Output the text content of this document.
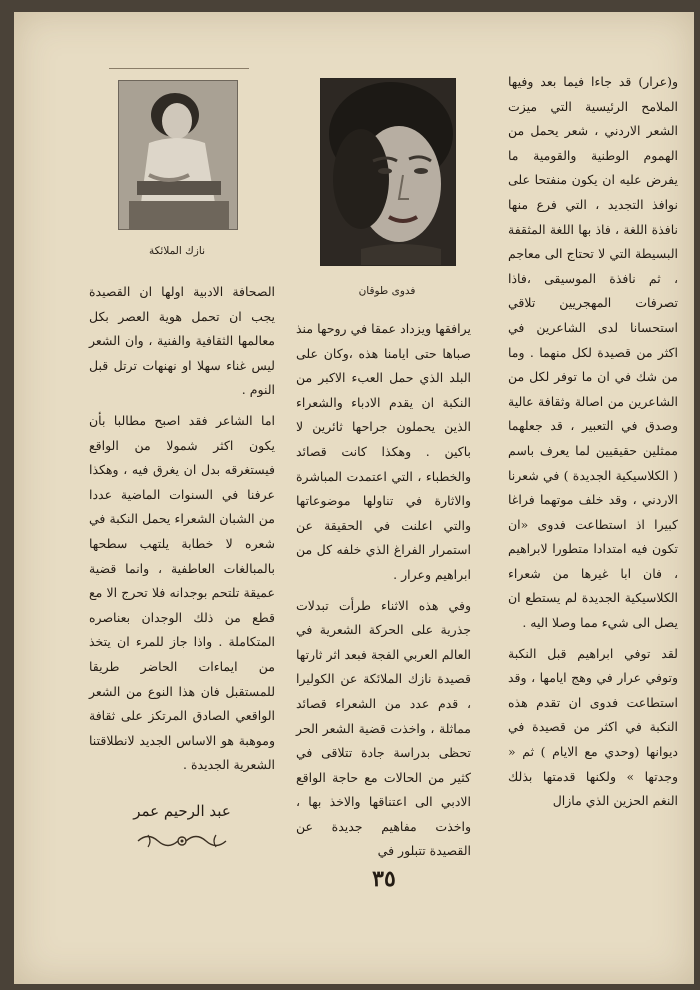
و(عرار) قد جاءا فيما بعد وفيها الملامح الرئيسية التي ميزت الشعر الاردني ، شعر يحمل من الهموم الوطنية والقومية ما يفرض عليه ان يكون منفتحا على نوافذ التجديد ، التي فرع منها نافذة اللغة ، فاذ بها اللغة المثقفة البسيطة التي لا تحتاج الى معاجم ، ثم نافذة الموسيقى ،فاذا تصرفات المهجريين تلاقي استحسانا لدى الشاعرين في اكثر من قصيدة لكل منهما . وما من شك في ان ما توفر لكل من الشاعرين من اصالة وثقافة عالية وصدق في التعبير ، قد جعلهما ممثلين حقيقيين لما يعرف باسم ( الكلاسيكية الجديدة ) في شعرنا الاردني ، وقد خلف موتهما فراغا كبيرا اذ استطاعت فدوى «ان تكون فيه امتدادا متطورا لابراهيم ، فان ابا غيرها من شعراء الكلاسيكية الجديدة لم يستطع ان يصل الى شيء مما وصلا اليه .

لقد توفي ابراهيم قبل النكبة وتوفي عرار في وهج ايامها ، وقد استطاعت فدوى ان تقدم هذه النكبة في اكثر من قصيدة في ديوانها (وحدي مع الايام ) ثم « وجدتها » ولكنها قدمتها بذلك النغم الحزين الذي مازال

فدوى طوقان
نازك الملائكة

يرافقها ويزداد عمقا في روحها منذ صباها حتى ايامنا هذه ،وكان على البلد الذي حمل العبء الاكبر من النكبة ان يقدم الادباء والشعراء الذين يحملون جراحها ثائرين لا باكين . وهكذا كانت قصائد والخطباء ، التي اعتمدت المباشرة والاثارة في تناولها موضوعاتها والتي اعلنت في الحقيقة عن استمرار الفراغ الذي خلفه كل من ابراهيم وعرار .

وفي هذه الاثناء طرأت تبدلات جذرية على الحركة الشعرية في العالم العربي الفجة فبعد اثر ثارتها قصيدة نازك الملائكة عن الكوليرا ، قدم عدد من الشعراء قصائد مماثلة ، واخذت قضية الشعر الحر تحظى بدراسة جادة تتلاقى في كثير من الحالات مع حاجة الواقع الادبي الى اعتناقها والاخذ بها ، واخذت مفاهيم جديدة عن القصيدة تتبلور في

الصحافة الادبية اولها ان القصيدة يجب ان تحمل هوية العصر بكل معالمها الثقافية والفنية ، وان الشعر ليس غناء سهلا او نهنهات ترتل قبل النوم .

اما الشاعر فقد اصبح مطالبا بأن يكون اكثر شمولا من الواقع فيستغرقه بدل ان يغرق فيه ، وهكذا عرفنا في السنوات الماضية عددا من الشبان الشعراء يحمل النكبة في شعره لا خطابة يلتهب سطحها بالمبالغات العاطفية ، وانما قضية عميقة تلتحم بوجدانه فلا تحرج الا مع قطع من ذلك الوجدان بعناصره المتكاملة . واذا جاز للمرء ان يتخذ من ايماءات الحاضر طريقا للمستقبل فان هذا النوع من الشعر الواقعي الصادق المرتكز على ثقافة وموهبة هو الاساس الجديد لانطلاقتنا الشعرية الجديدة .

عبد الرحيم عمر
٣٥
